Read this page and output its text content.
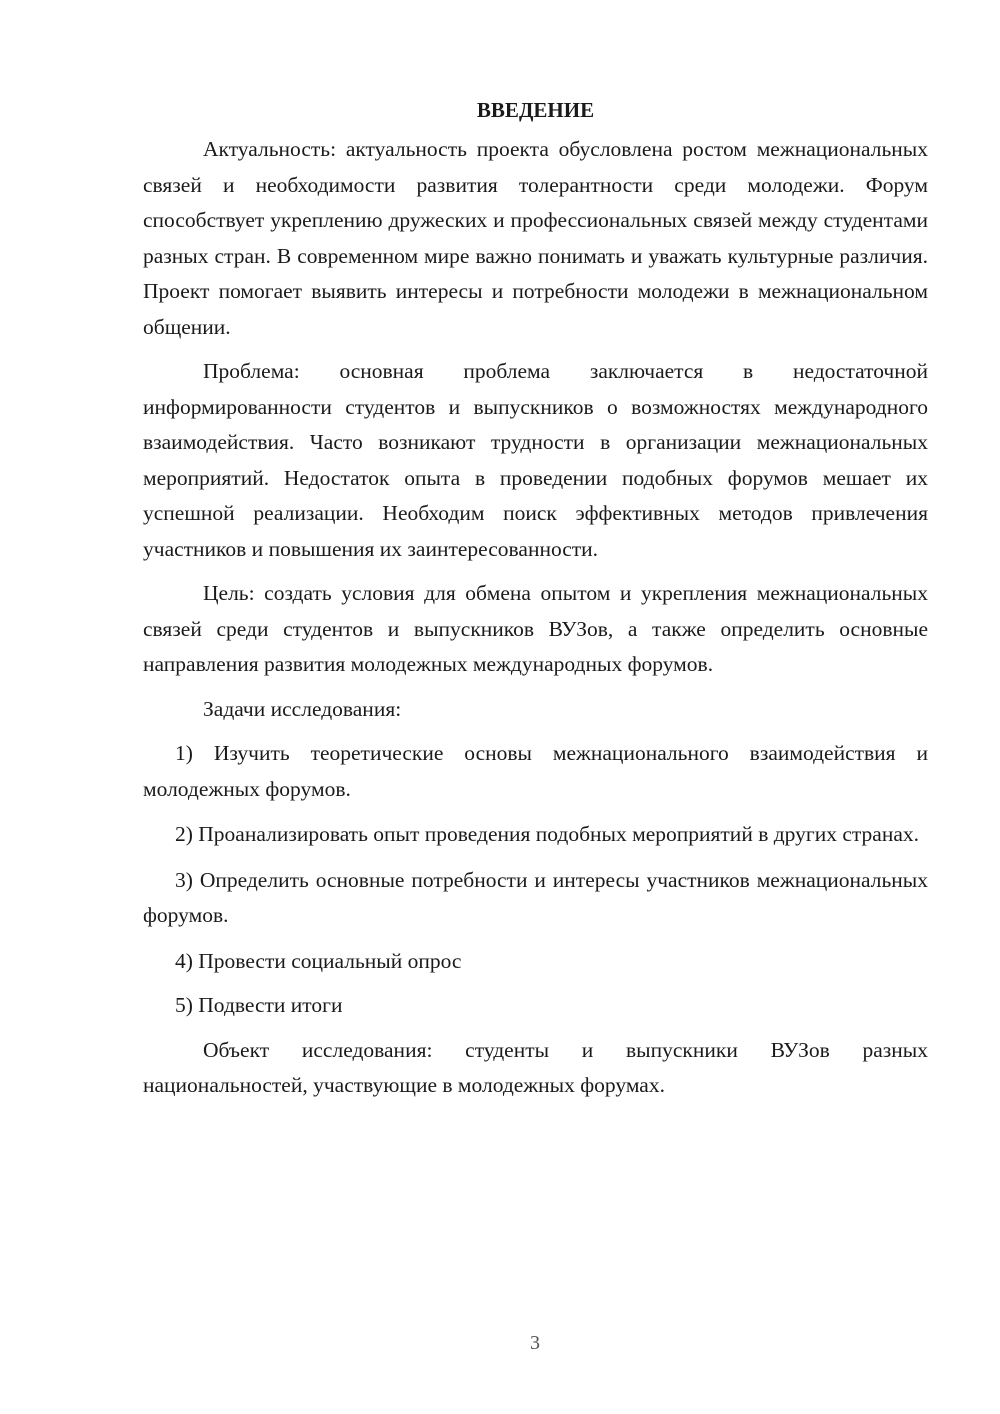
ВВЕДЕНИЕ

Актуальность: актуальность проекта обусловлена ростом межнациональных связей и необходимости развития толерантности среди молодежи. Форум способствует укреплению дружеских и профессиональных связей между студентами разных стран. В современном мире важно понимать и уважать культурные различия. Проект помогает выявить интересы и потребности молодежи в межнациональном общении.

Проблема: основная проблема заключается в недостаточной информированности студентов и выпускников о возможностях международного взаимодействия. Часто возникают трудности в организации межнациональных мероприятий. Недостаток опыта в проведении подобных форумов мешает их успешной реализации. Необходим поиск эффективных методов привлечения участников и повышения их заинтересованности.

Цель: создать условия для обмена опытом и укрепления межнациональных связей среди студентов и выпускников ВУЗов, а также определить основные направления развития молодежных международных форумов.

Задачи исследования:

1) Изучить теоретические основы межнационального взаимодействия и молодежных форумов.

2) Проанализировать опыт проведения подобных мероприятий в других странах.

3) Определить основные потребности и интересы участников межнациональных форумов.

4) Провести социальный опрос

5) Подвести итоги

Объект исследования: студенты и выпускники ВУЗов разных национальностей, участвующие в молодежных форумах.

3
